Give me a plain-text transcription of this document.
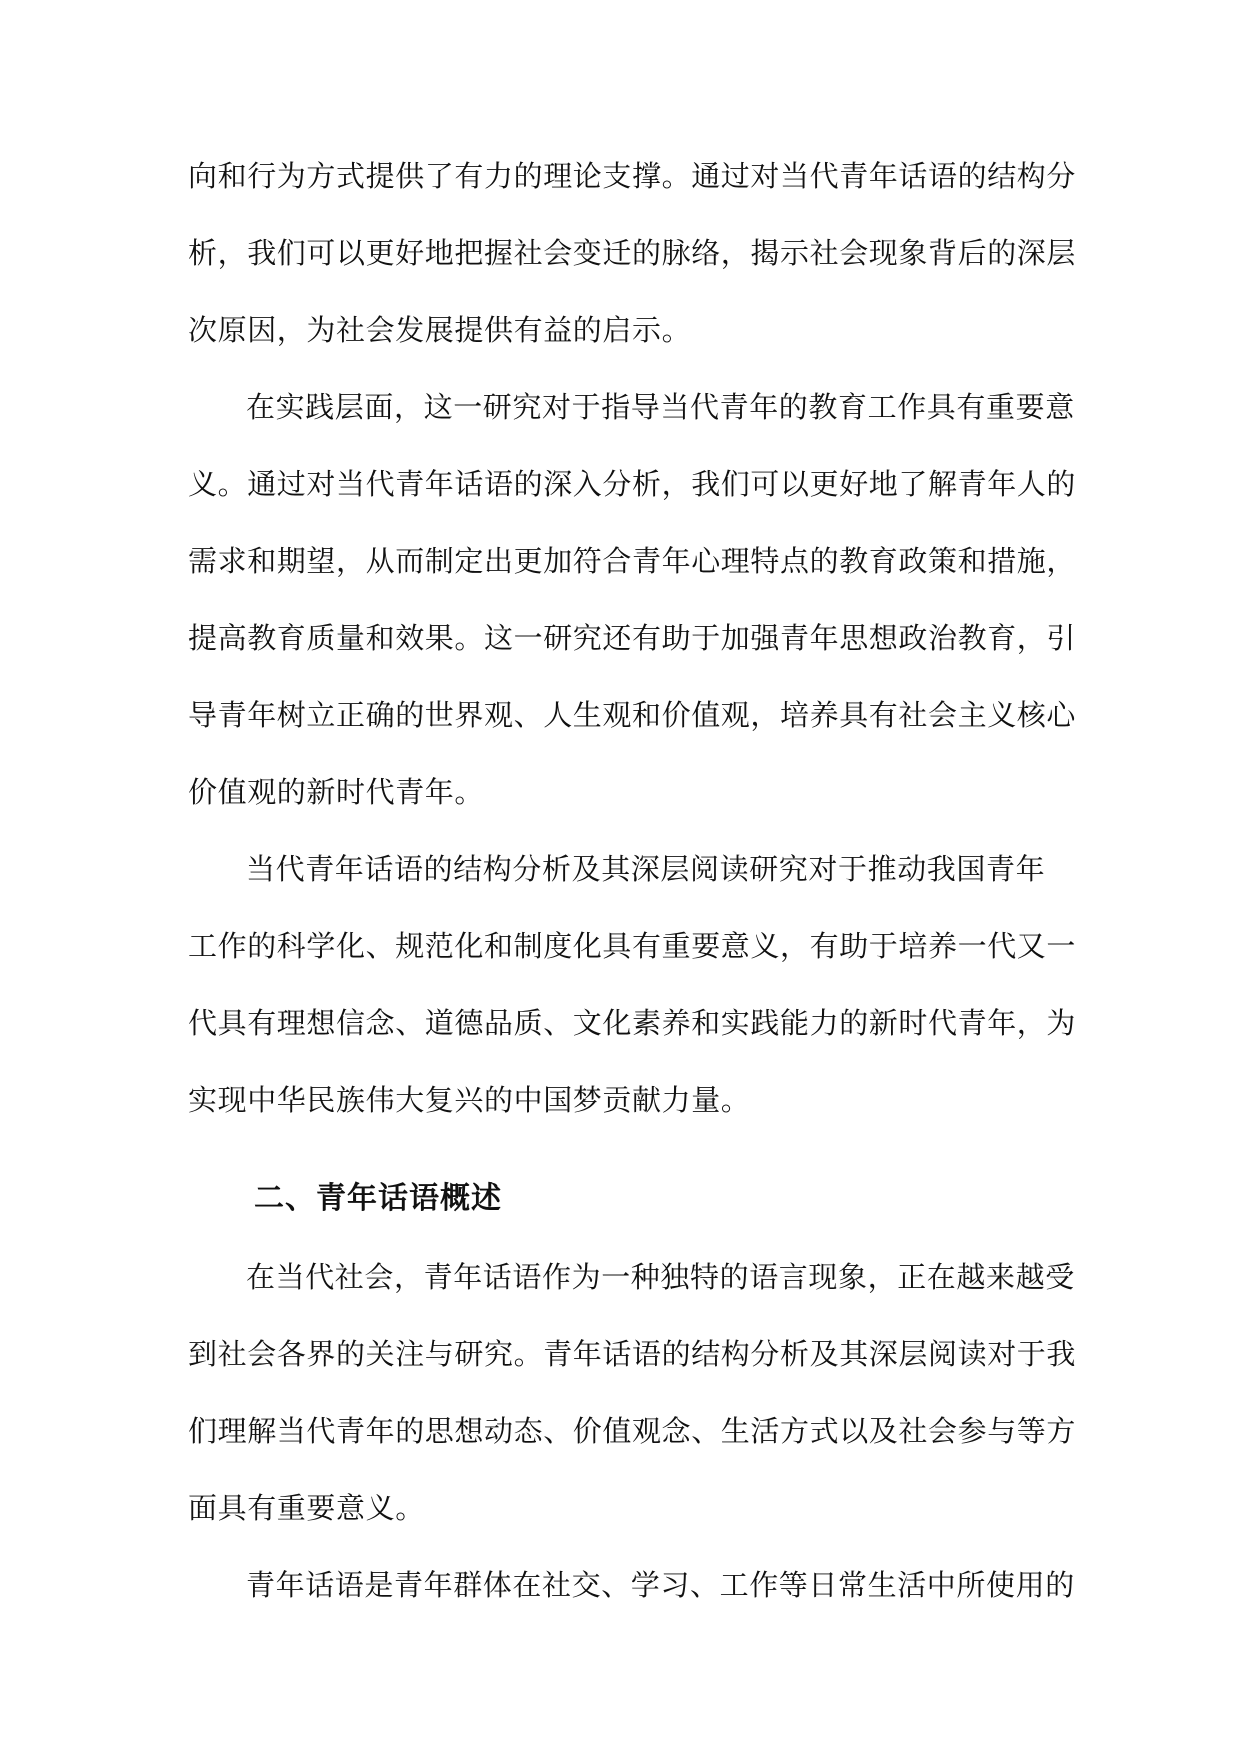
向和行为方式提供了有力的理论支撑。通过对当代青年话语的结构分
析，我们可以更好地把握社会变迁的脉络，揭示社会现象背后的深层
次原因，为社会发展提供有益的启示。

在实践层面，这一研究对于指导当代青年的教育工作具有重要意
义。通过对当代青年话语的深入分析，我们可以更好地了解青年人的
需求和期望，从而制定出更加符合青年心理特点的教育政策和措施，
提高教育质量和效果。这一研究还有助于加强青年思想政治教育，引
导青年树立正确的世界观、人生观和价值观，培养具有社会主义核心
价值观的新时代青年。

当代青年话语的结构分析及其深层阅读研究对于推动我国青年
工作的科学化、规范化和制度化具有重要意义，有助于培养一代又一
代具有理想信念、道德品质、文化素养和实践能力的新时代青年，为
实现中华民族伟大复兴的中国梦贡献力量。

二、青年话语概述

在当代社会，青年话语作为一种独特的语言现象，正在越来越受
到社会各界的关注与研究。青年话语的结构分析及其深层阅读对于我
们理解当代青年的思想动态、价值观念、生活方式以及社会参与等方
面具有重要意义。

青年话语是青年群体在社交、学习、工作等日常生活中所使用的
